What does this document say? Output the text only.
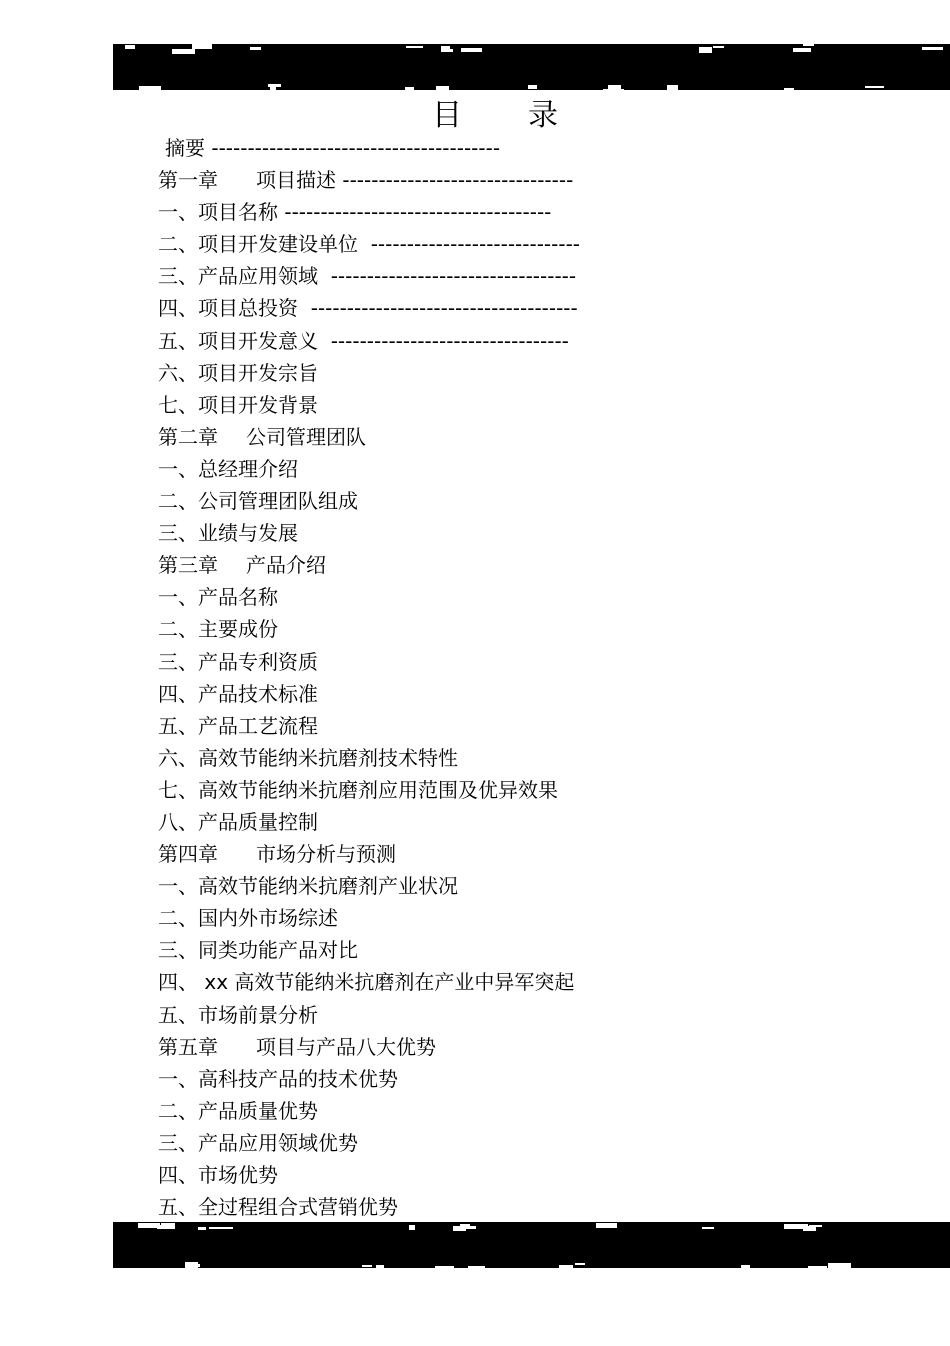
目 录
摘要 ----------------------------------------
第一章 项目描述 --------------------------------
一、项目名称 -------------------------------------
二、项目开发建设单位 -----------------------------
三、产品应用领域 ----------------------------------
四、项目总投资 -------------------------------------
五、项目开发意义 ---------------------------------
六、项目开发宗旨
七、项目开发背景
第二章 公司管理团队
一、总经理介绍
二、公司管理团队组成
三、业绩与发展
第三章 产品介绍
一、产品名称
二、主要成份
三、产品专利资质
四、产品技术标准
五、产品工艺流程
六、高效节能纳米抗磨剂技术特性
七、高效节能纳米抗磨剂应用范围及优异效果
八、产品质量控制
第四章 市场分析与预测
一、高效节能纳米抗磨剂产业状况
二、国内外市场综述
三、同类功能产品对比
四、 xx 高效节能纳米抗磨剂在产业中异军突起
五、市场前景分析
第五章 项目与产品八大优势
一、高科技产品的技术优势
二、产品质量优势
三、产品应用领域优势
四、市场优势
五、全过程组合式营销优势
